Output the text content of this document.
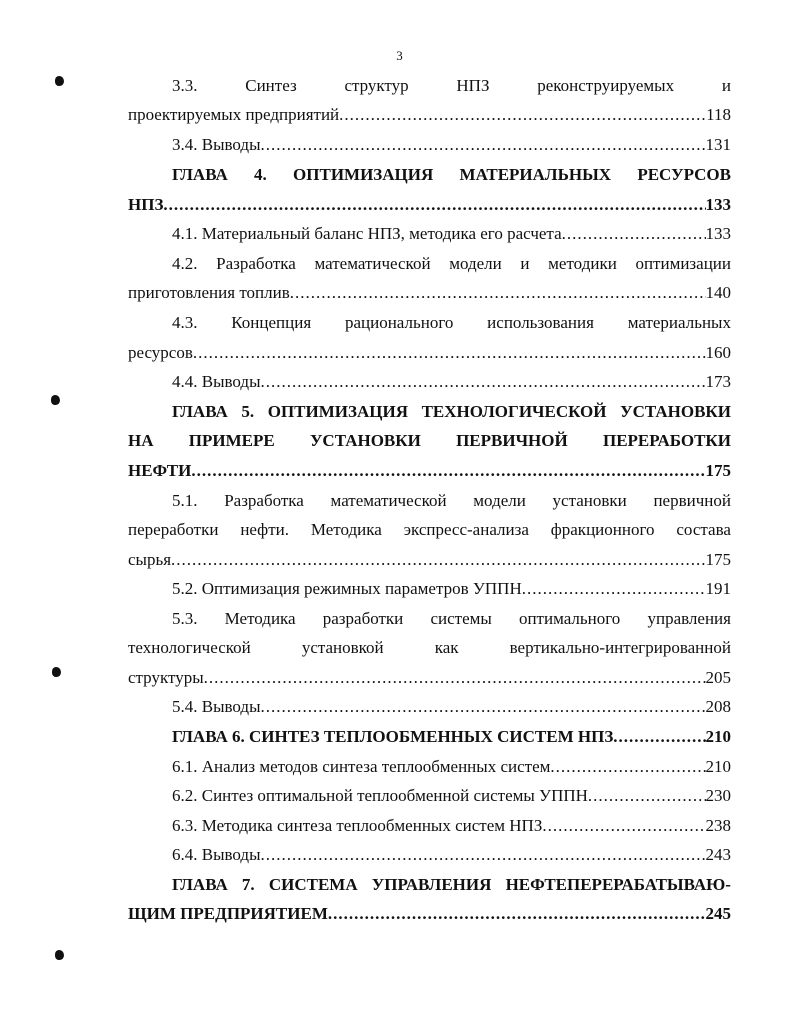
3
3.3.	Синтез	структур	НПЗ	реконструируемых	и
проектируемых предприятий .....	118
3.4. Выводы .....	131
ГЛАВА 4. ОПТИМИЗАЦИЯ МАТЕРИАЛЬНЫХ РЕСУРСОВ
НПЗ .....	133
4.1. Материальный баланс НПЗ, методика его расчета .....	133
4.2. Разработка математической модели и методики оптимизации
приготовления топлив .....	140
4.3. Концепция рационального использования материальных
ресурсов .....	160
4.4. Выводы .....	173
ГЛАВА 5. ОПТИМИЗАЦИЯ ТЕХНОЛОГИЧЕСКОЙ УСТАНОВКИ
НА ПРИМЕРЕ УСТАНОВКИ ПЕРВИЧНОЙ ПЕРЕРАБОТКИ
НЕФТИ .....	175
5.1. Разработка математической модели установки первичной
переработки нефти. Методика экспресс-анализа фракционного состава
сырья .....	175
5.2. Оптимизация режимных параметров УППН .....	191
5.3. Методика разработки системы оптимального управления
технологической	установкой	как	вертикально-интегрированной
структуры .....	205
5.4. Выводы .....	208
ГЛАВА 6. СИНТЕЗ ТЕПЛООБМЕННЫХ СИСТЕМ НПЗ .....	210
6.1. Анализ методов синтеза теплообменных систем .....	210
6.2. Синтез оптимальной теплообменной системы УППН .....	230
6.3. Методика синтеза теплообменных систем НПЗ .....	238
6.4. Выводы .....	243
ГЛАВА 7. СИСТЕМА УПРАВЛЕНИЯ НЕФТЕПЕРЕРАБАТЫВАЮ-
ЩИМ ПРЕДПРИЯТИЕМ .....	245
